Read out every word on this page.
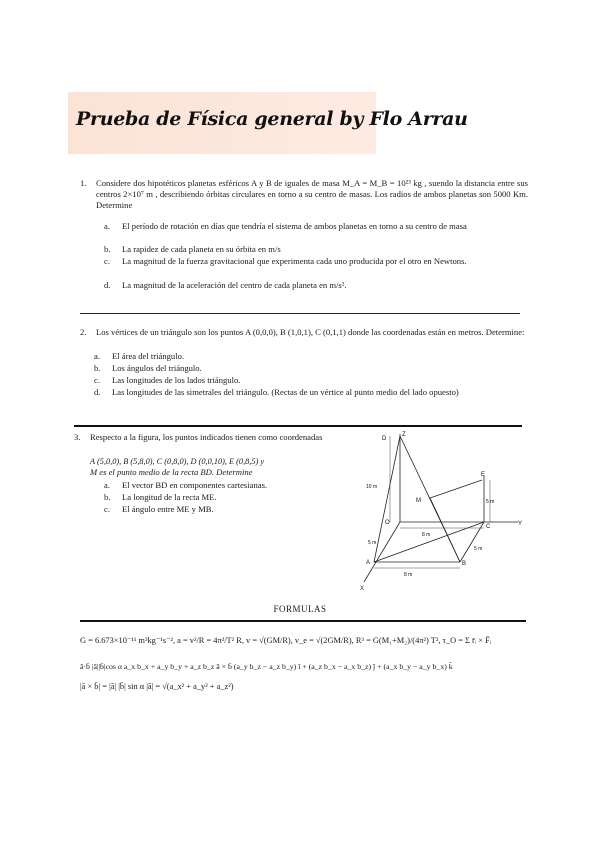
Prueba de Física general by Flo Arrau
1. Considere dos hipotéticos planetas esféricos A y B de iguales de masa M_A = M_B = 10²³ kg , suendo la distancia entre sus centros 2×10⁷ m , describiendo órbitas circulares en torno a su centro de masas. Los radios de ambos planetas son 5000 Km. Determine
a. El período de rotación en días que tendría el sistema de ambos planetas en torno a su centro de masa
b. La rapidez de cada planeta en su órbita en m/s
c. La magnitud de la fuerza gravitacional que experimenta cada uno producida por el otro en Newtons.
d. La magnitud de la aceleración del centro de cada planeta en m/s².
2. Los vértices de un triángulo son los puntos A (0,0,0), B (1,0,1), C (0,1,1) donde las coordenadas están en metros. Determine:
a. El área del triángulo.
b. Los ángulos del triángulo.
c. Las longitudes de los lados triángulo.
d. Las longitudes de las simetrales del triángulo. (Rectas de un vértice al punto medio del lado opuesto)
3. Respecto a la figura, los puntos indicados tienen como coordenadas
A (5,0,0), B (5,8,0), C (0,8,0), D (0,0,10), E (0,8,5) y
M es el punto medio de la recta BD. Determine
a. El vector BD en componentes cartesianas.
b. La longitud de la recta ME.
c. El ángulo entre ME y MB.
D
Z
E
M
O
C	Y
A	B
X
10 m
5 m
8 m
5 m
5 m
8 m
FORMULAS
G = 6.673×10⁻¹¹ m³kg⁻¹s⁻², a = v²/R = 4π²/T² R, v = √(GM/R), v_e = √(2GM/R), R³ = G(M₁+M₂)/(4π²) T², τ_O = Σ r̄ᵢ × F̄ᵢ
ā·b̄ |ā||b̄|cos α a_x b_x + a_y b_y + a_z b_z ā × b̄ (a_y b_z − a_z b_y) î + (a_z b_x − a_x b_z) ĵ + (a_x b_y − a_y b_x) k̂
|ā × b̄| = |ā| |b̄| sin α |ā| = √(a_x² + a_y² + a_z²)
